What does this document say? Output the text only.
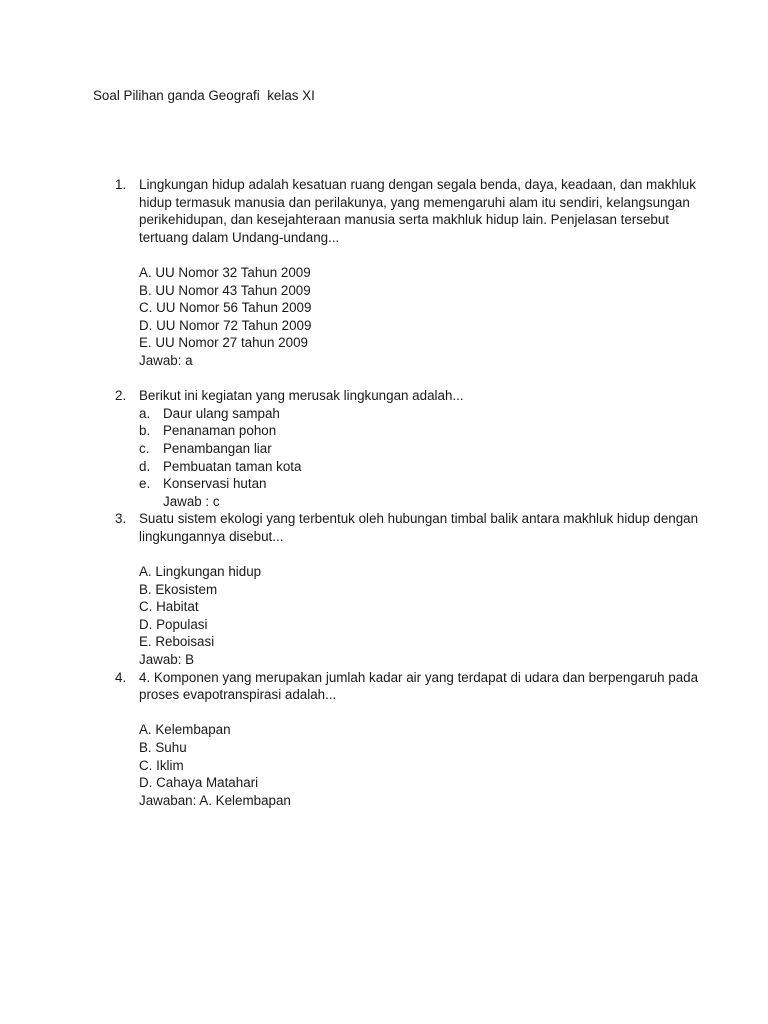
Soal Pilihan ganda Geografi  kelas XI
1. Lingkungan hidup adalah kesatuan ruang dengan segala benda, daya, keadaan, dan makhluk hidup termasuk manusia dan perilakunya, yang memengaruhi alam itu sendiri, kelangsungan perikehidupan, dan kesejahteraan manusia serta makhluk hidup lain. Penjelasan tersebut tertuang dalam Undang-undang...
A. UU Nomor 32 Tahun 2009
B. UU Nomor 43 Tahun 2009
C. UU Nomor 56 Tahun 2009
D. UU Nomor 72 Tahun 2009
E. UU Nomor 27 tahun 2009
Jawab: a
2. Berikut ini kegiatan yang merusak lingkungan adalah...
a. Daur ulang sampah
b. Penanaman pohon
c. Penambangan liar
d. Pembuatan taman kota
e. Konservasi hutan
Jawab : c
3. Suatu sistem ekologi yang terbentuk oleh hubungan timbal balik antara makhluk hidup dengan lingkungannya disebut...
A. Lingkungan hidup
B. Ekosistem
C. Habitat
D. Populasi
E. Reboisasi
Jawab: B
4. 4. Komponen yang merupakan jumlah kadar air yang terdapat di udara dan berpengaruh pada proses evapotranspirasi adalah...
A. Kelembapan
B. Suhu
C. Iklim
D. Cahaya Matahari
Jawaban: A. Kelembapan
